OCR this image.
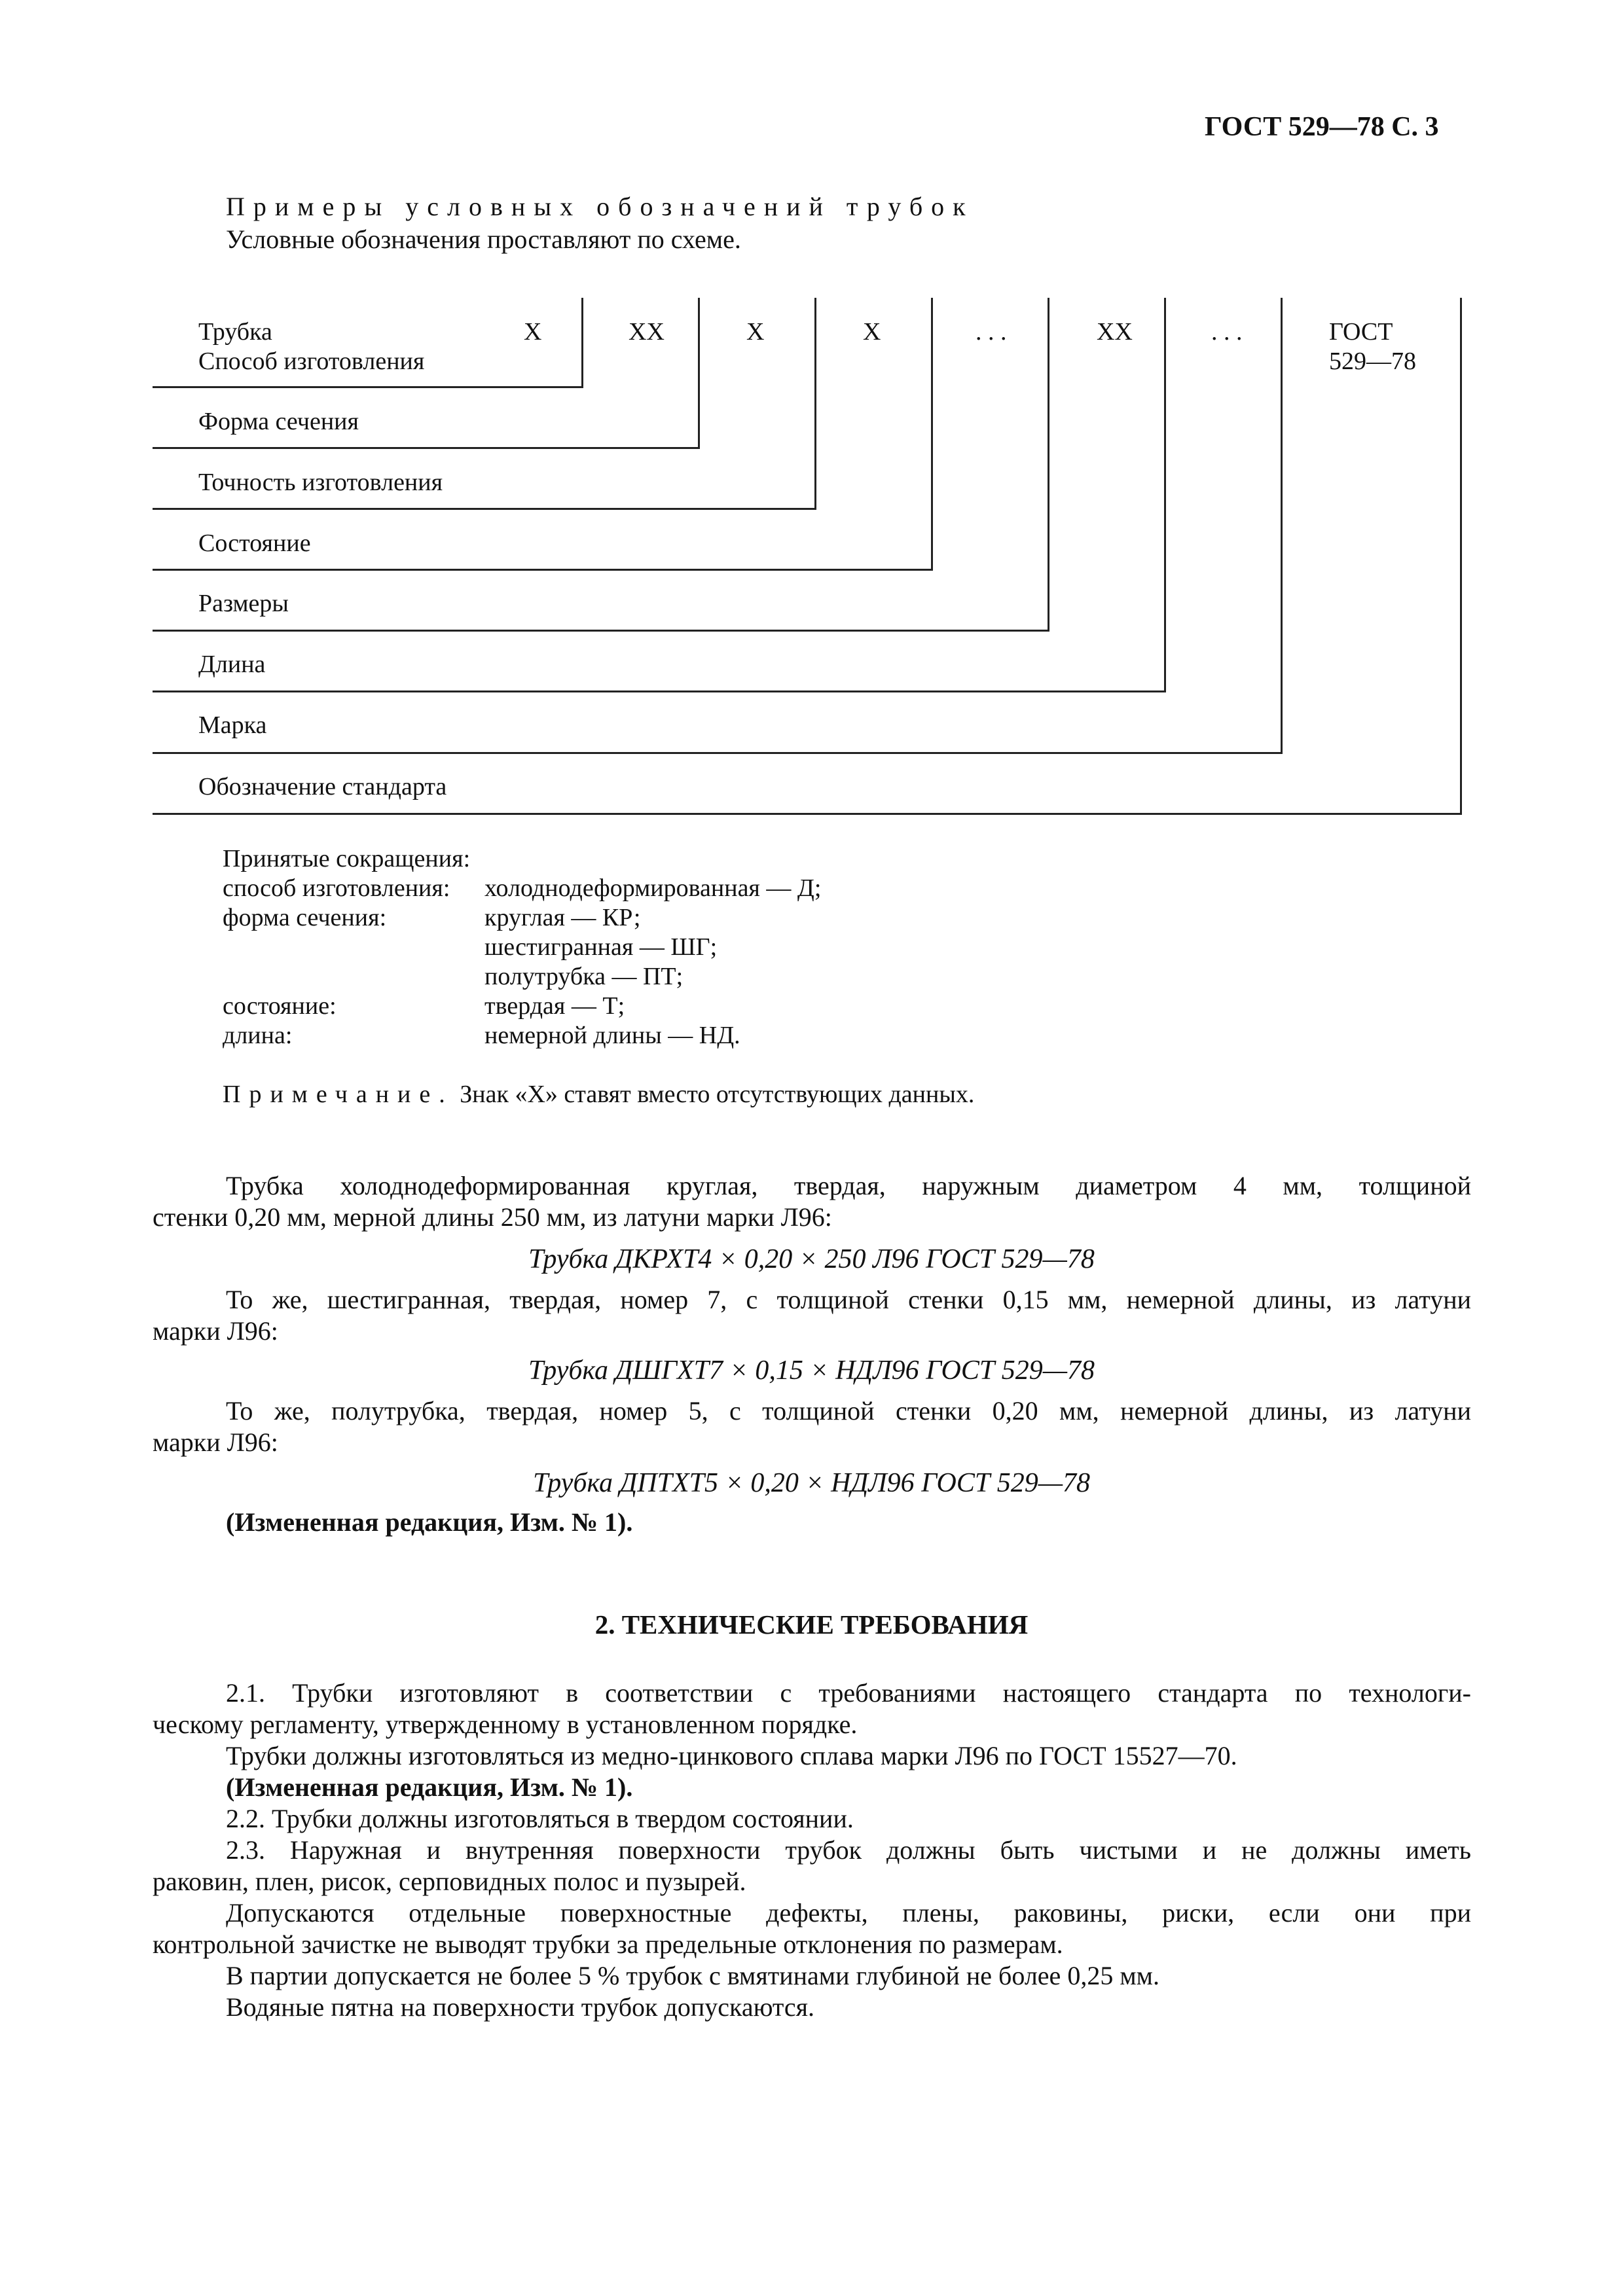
ГОСТ 529—78 С. 3
Примеры условных обозначений трубок
Условные обозначения проставляют по схеме.
Трубка	Х	ХХ	Х	Х	. . .	ХХ	. . .	ГОСТ
529—78
Способ изготовления
Форма сечения
Точность изготовления
Состояние
Размеры
Длина
Марка
Обозначение стандарта
Принятые сокращения:
способ изготовления: холоднодеформированная — Д;
форма сечения:	круглая — КР;
шестигранная — ШГ;
полутрубка — ПТ;
состояние:	твердая — Т;
длина:	немерной длины — НД.
Примечание. Знак «Х» ставят вместо отсутствующих данных.

Трубка холоднодеформированная круглая, твердая, наружным диаметром 4 мм, толщиной

стенки 0,20 мм, мерной длины 250 мм, из латуни марки Л96:

Трубка ДКРХТ4 × 0,20 × 250 Л96 ГОСТ 529—78

То же, шестигранная, твердая, номер 7, с толщиной стенки 0,15 мм, немерной длины, из латуни

марки Л96:

Трубка ДШГХТ7 × 0,15 × НДЛ96 ГОСТ 529—78

То же, полутрубка, твердая, номер 5, с толщиной стенки 0,20 мм, немерной длины, из латуни

марки Л96:

Трубка ДПТХТ5 × 0,20 × НДЛ96 ГОСТ 529—78
(Измененная редакция, Изм. № 1).
2. ТЕХНИЧЕСКИЕ ТРЕБОВАНИЯ

2.1. Трубки изготовляют в соответствии с требованиями настоящего стандарта по технологи-

ческому регламенту, утвержденному в установленном порядке.

Трубки должны изготовляться из медно-цинкового сплава марки Л96 по ГОСТ 15527—70.

(Измененная редакция, Изм. № 1).

2.2. Трубки должны изготовляться в твердом состоянии.

2.3. Наружная и внутренняя поверхности трубок должны быть чистыми и не должны иметь

раковин, плен, рисок, серповидных полос и пузырей.

Допускаются отдельные поверхностные дефекты, плены, раковины, риски, если они при

контрольной зачистке не выводят трубки за предельные отклонения по размерам.

В партии допускается не более 5 % трубок с вмятинами глубиной не более 0,25 мм.

Водяные пятна на поверхности трубок допускаются.
